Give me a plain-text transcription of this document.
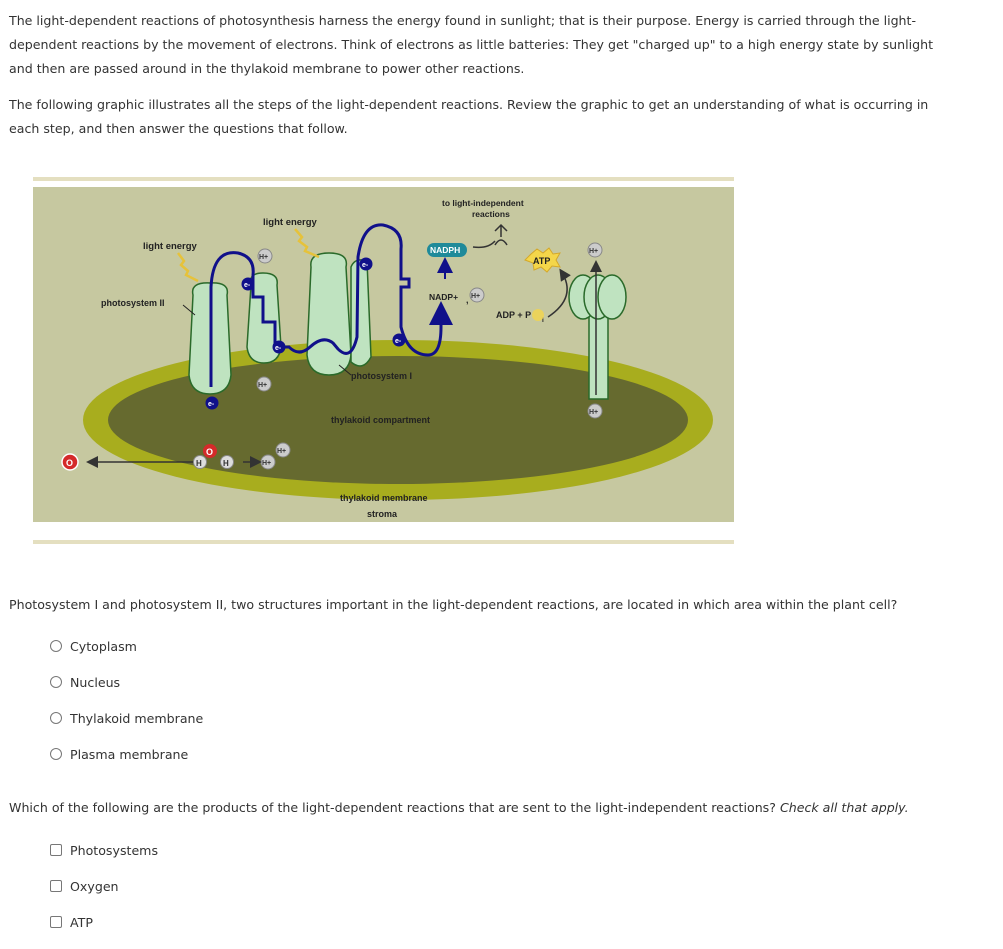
The light-dependent reactions of photosynthesis harness the energy found in sunlight; that is their purpose. Energy is carried through the light-dependent reactions by the movement of electrons. Think of electrons as little batteries: They get "charged up" to a high energy state by sunlight and then are passed around in the thylakoid membrane to power other reactions.

The following graphic illustrates all the steps of the light-dependent reactions. Review the graphic to get an understanding of what is occurring in each step, and then answer the questions that follow.

light energy
light energy
photosystem II
photosystem I
thylakoid compartment
thylakoid membrane
stroma
to light-independent
reactions
NADPH
NADP+ ,
ATP
ADP + P
i
H+
H+
e-
e-
e-
e-
e-
H+
H+
H+
H+
H+
O
H	H
O

Photosystem I and photosystem II, two structures important in the light-dependent reactions, are located in which area within the plant cell?

Cytoplasm
Nucleus
Thylakoid membrane
Plasma membrane

Which of the following are the products of the light-dependent reactions that are sent to the light-independent reactions? Check all that apply.

Photosystems
Oxygen
ATP
